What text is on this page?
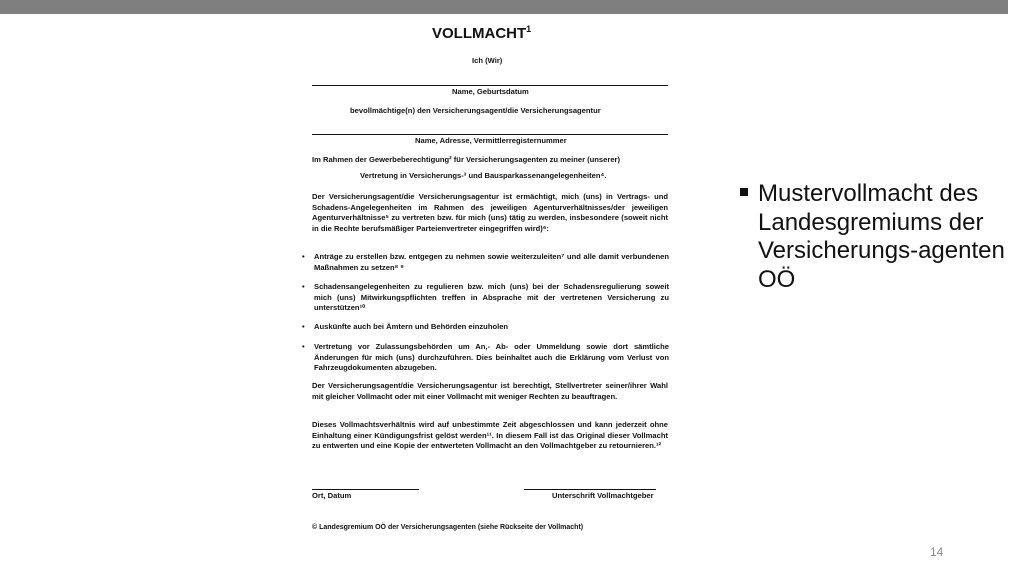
VOLLMACHT$^1$
Ich (Wir)
Name, Geburtsdatum
bevollmächtige(n) den Versicherungsagent/die Versicherungsagentur
Name, Adresse, Vermittlerregisternummer
Im Rahmen der Gewerbeberechtigung² für Versicherungsagenten zu meiner (unserer)
Vertretung in Versicherungs-³ und Bausparkassenangelegenheiten⁴.
Der Versicherungsagent/die Versicherungsagentur ist ermächtigt, mich (uns) in Vertrags- und Schadens-Angelegenheiten im Rahmen des jeweiligen Agenturverhältnisses/der jeweiligen Agenturverhältnisse⁵ zu vertreten bzw. für mich (uns) tätig zu werden, insbesondere (soweit nicht in die Rechte berufsmäßiger Parteienvertreter eingegriffen wird)⁶:
•	Anträge zu erstellen bzw. entgegen zu nehmen sowie weiterzuleiten⁷ und alle damit verbundenen Maßnahmen zu setzen⁸ ⁹
•	Schadensangelegenheiten zu regulieren bzw. mich (uns) bei der Schadensregulierung soweit mich (uns) Mitwirkungspflichten treffen in Absprache mit der vertretenen Versicherung zu unterstützen¹⁰
•	Auskünfte auch bei Ämtern und Behörden einzuholen
•	Vertretung vor Zulassungsbehörden um An,- Ab- oder Ummeldung sowie dort sämtliche Änderungen für mich (uns) durchzuführen. Dies beinhaltet auch die Erklärung vom Verlust von Fahrzeugdokumenten abzugeben.
Der Versicherungsagent/die Versicherungsagentur ist berechtigt, Stellvertreter seiner/ihrer Wahl mit gleicher Vollmacht oder mit einer Vollmacht mit weniger Rechten zu beauftragen.
Dieses Vollmachtsverhältnis wird auf unbestimmte Zeit abgeschlossen und kann jederzeit ohne Einhaltung einer Kündigungsfrist gelöst werden¹¹. In diesem Fall ist das Original dieser Vollmacht zu entwerten und eine Kopie der entwerteten Vollmacht an den Vollmachtgeber zu retournieren.¹²
Ort, Datum	Unterschrift Vollmachtgeber
© Landesgremium OÖ der Versicherungsagenten (siehe Rückseite der Vollmacht)
Mustervollmacht des Landesgremiums der Versicherungs-agenten OÖ
14
